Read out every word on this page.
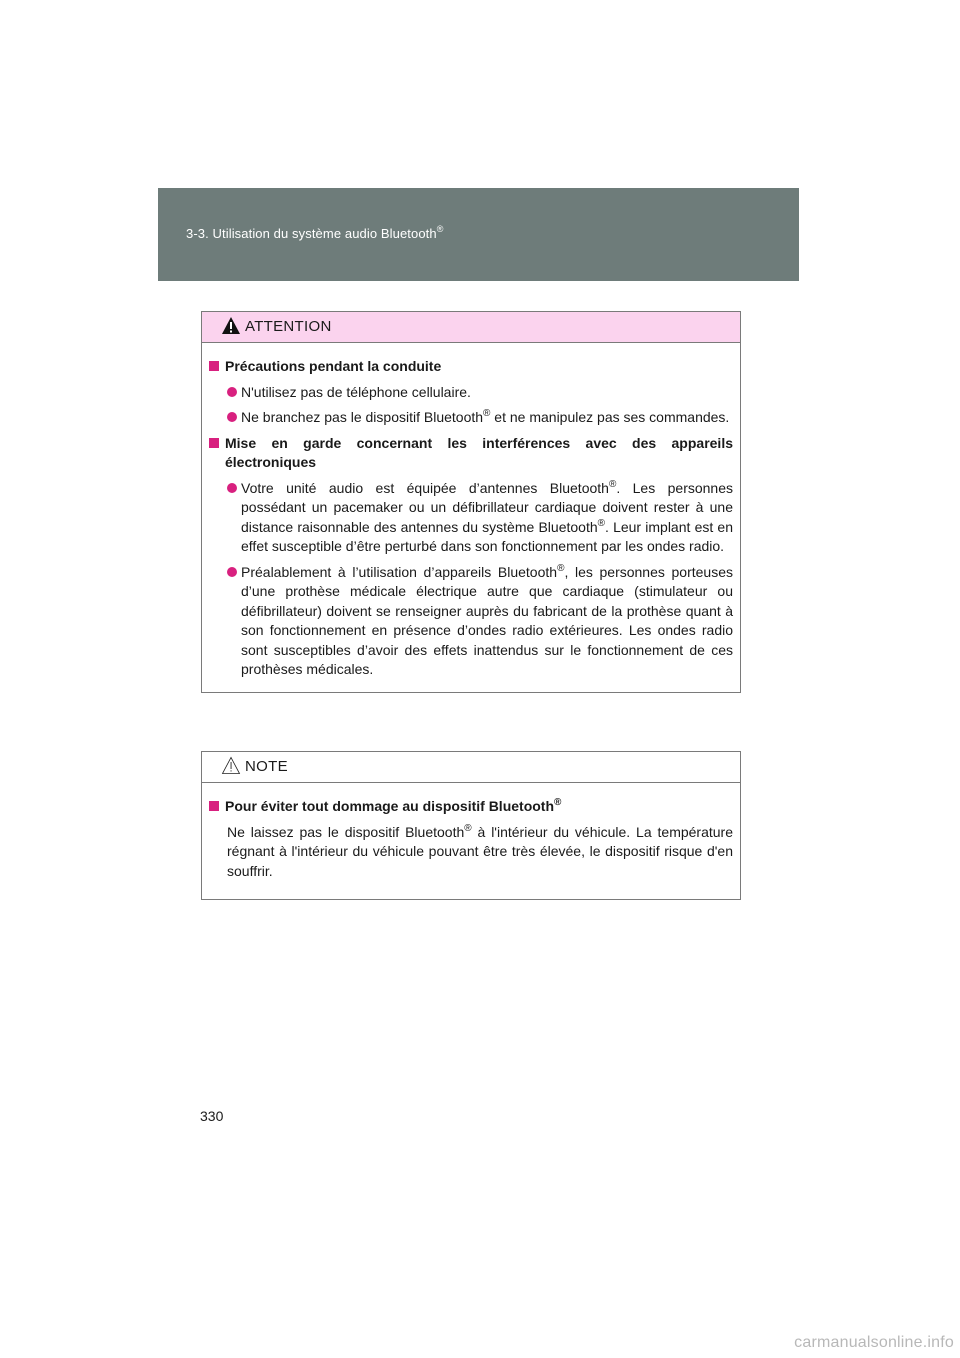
3-3. Utilisation du système audio Bluetooth®
ATTENTION
Précautions pendant la conduite
N'utilisez pas de téléphone cellulaire.
Ne branchez pas le dispositif Bluetooth® et ne manipulez pas ses commandes.
Mise en garde concernant les interférences avec des appareils électroniques
Votre unité audio est équipée d’antennes Bluetooth®. Les personnes possédant un pacemaker ou un défibrillateur cardiaque doivent rester à une distance raisonnable des antennes du système Bluetooth®. Leur implant est en effet susceptible d’être perturbé dans son fonctionnement par les ondes radio.
Préalablement à l’utilisation d’appareils Bluetooth®, les personnes porteuses d’une prothèse médicale électrique autre que cardiaque (stimulateur ou défibrillateur) doivent se renseigner auprès du fabricant de la prothèse quant à son fonctionnement en présence d’ondes radio extérieures. Les ondes radio sont susceptibles d’avoir des effets inattendus sur le fonctionnement de ces prothèses médicales.
NOTE
Pour éviter tout dommage au dispositif Bluetooth®
Ne laissez pas le dispositif Bluetooth® à l'intérieur du véhicule. La température régnant à l'intérieur du véhicule pouvant être très élevée, le dispositif risque d'en souffrir.
330
carmanualsonline.info
